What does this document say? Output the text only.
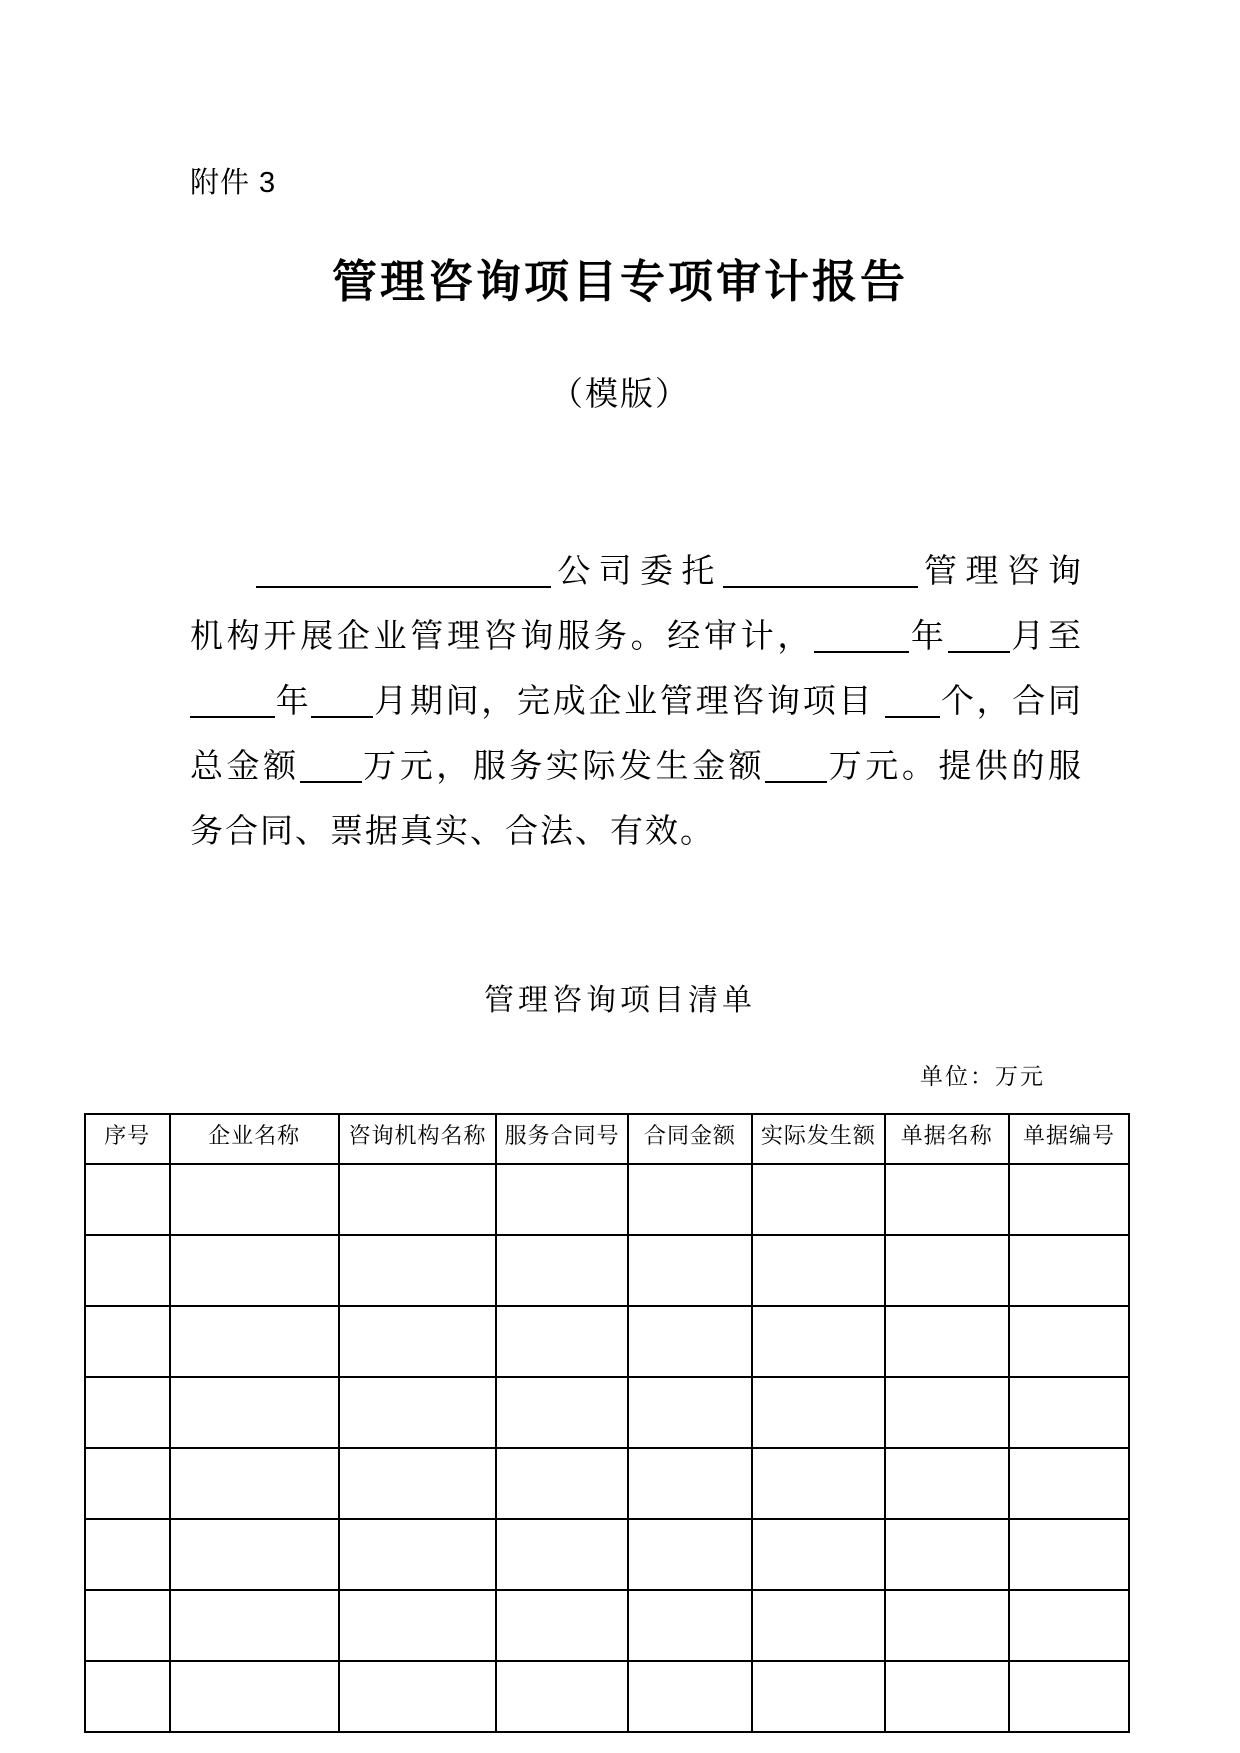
附件 3
管理咨询项目专项审计报告
（模版）
公司委托	管理咨询
机构开展企业管理咨询服务。经审计，	年 月至
年 月期间，完成企业管理咨询项目 个，合同
总金额 万元，服务实际发生金额 万元。提供的服
务合同、票据真实、合法、有效。
管理咨询项目清单
单位：万元
序号	企业名称	咨询机构名称	服务合同号	合同金额	实际发生额	单据名称	单据编号
